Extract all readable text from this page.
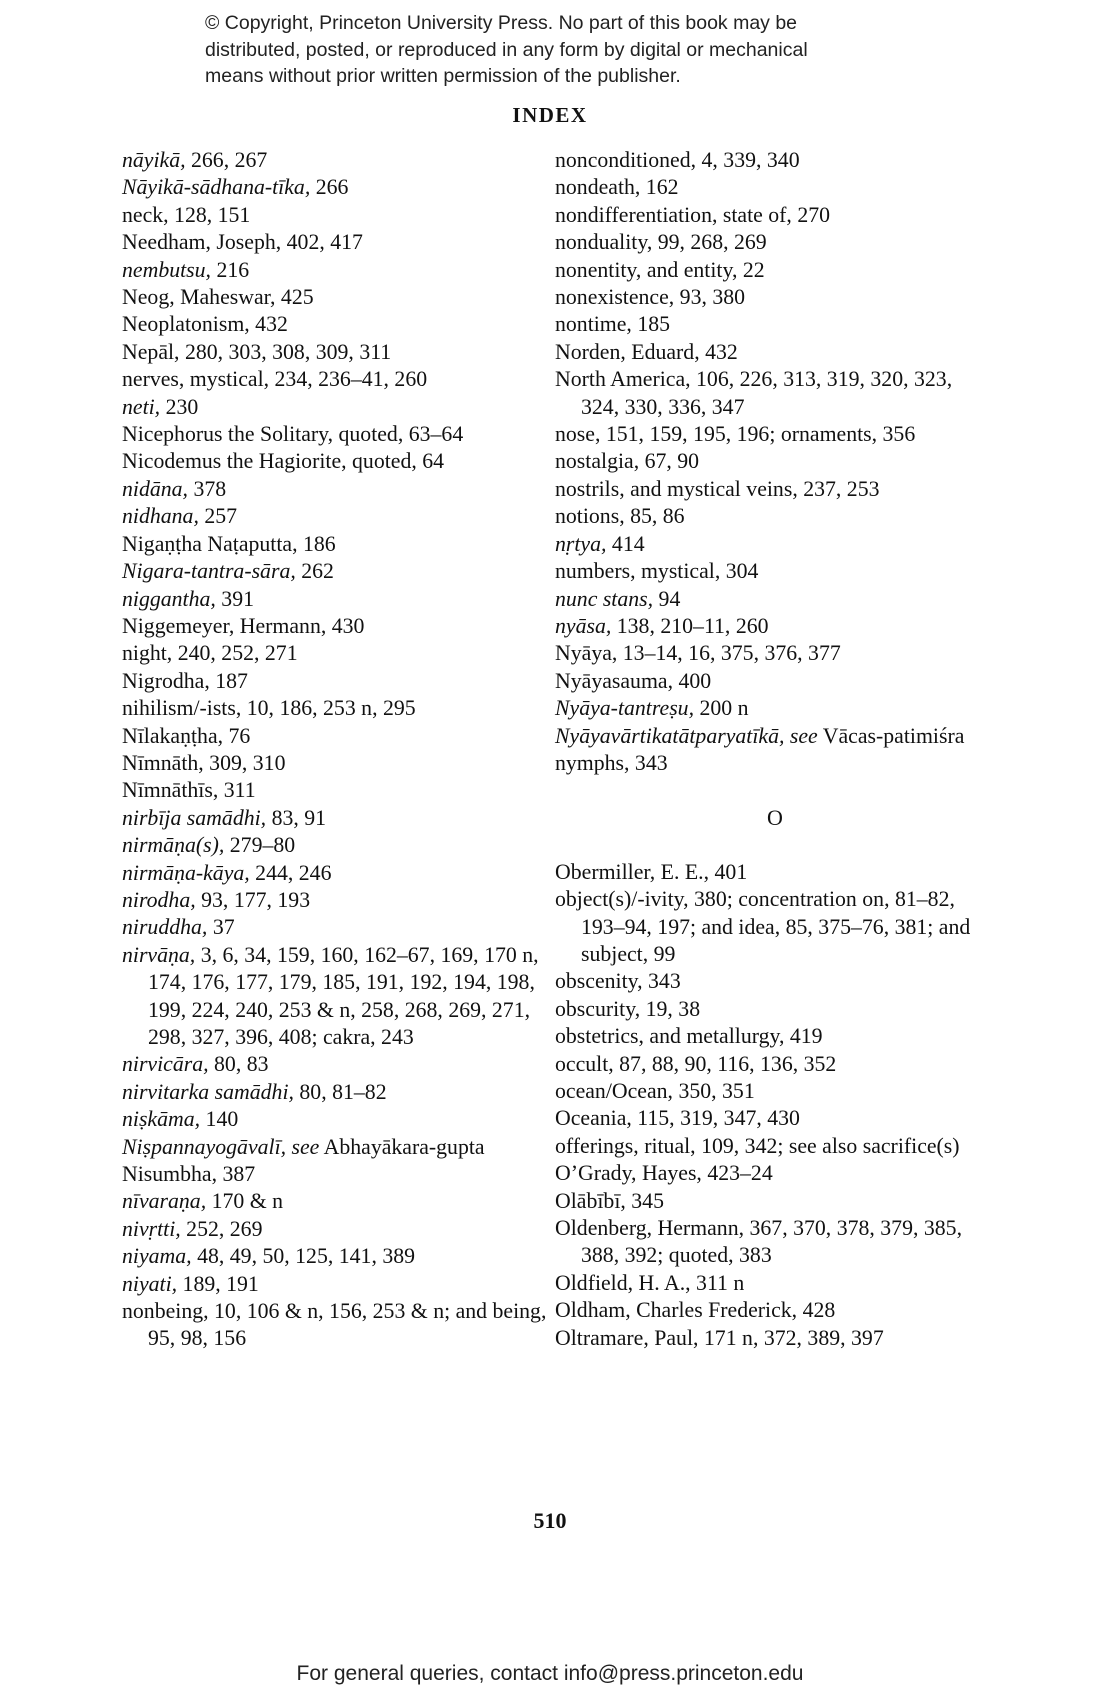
© Copyright, Princeton University Press. No part of this book may be
distributed, posted, or reproduced in any form by digital or mechanical
means without prior written permission of the publisher.
INDEX
nāyikā, 266, 267
Nāyikā-sādhana-tīka, 266
neck, 128, 151
Needham, Joseph, 402, 417
nembutsu, 216
Neog, Maheswar, 425
Neoplatonism, 432
Nepāl, 280, 303, 308, 309, 311
nerves, mystical, 234, 236–41, 260
neti, 230
Nicephorus the Solitary, quoted, 63–64
Nicodemus the Hagiorite, quoted, 64
nidāna, 378
nidhana, 257
Nigaṇṭha Naṭaputta, 186
Nigara-tantra-sāra, 262
niggantha, 391
Niggemeyer, Hermann, 430
night, 240, 252, 271
Nigrodha, 187
nihilism/-ists, 10, 186, 253 n, 295
Nīlakaṇṭha, 76
Nīmnāth, 309, 310
Nīmnāthīs, 311
nirbīja samādhi, 83, 91
nirmāṇa(s), 279–80
nirmāṇa-kāya, 244, 246
nirodha, 93, 177, 193
niruddha, 37
nirvāṇa, 3, 6, 34, 159, 160, 162–67, 169, 170 n, 174, 176, 177, 179, 185, 191, 192, 194, 198, 199, 224, 240, 253 & n, 258, 268, 269, 271, 298, 327, 396, 408; cakra, 243
nirvicāra, 80, 83
nirvitarka samādhi, 80, 81–82
niṣkāma, 140
Niṣpannayogāvalī, see Abhayākara-gupta
Nisumbha, 387
nīvaraṇa, 170 & n
nivṛtti, 252, 269
niyama, 48, 49, 50, 125, 141, 389
niyati, 189, 191
nonbeing, 10, 106 & n, 156, 253 & n; and being, 95, 98, 156
nonconditioned, 4, 339, 340
nondeath, 162
nondifferentiation, state of, 270
nonduality, 99, 268, 269
nonentity, and entity, 22
nonexistence, 93, 380
nontime, 185
Norden, Eduard, 432
North America, 106, 226, 313, 319, 320, 323, 324, 330, 336, 347
nose, 151, 159, 195, 196; ornaments, 356
nostalgia, 67, 90
nostrils, and mystical veins, 237, 253
notions, 85, 86
nṛtya, 414
numbers, mystical, 304
nunc stans, 94
nyāsa, 138, 210–11, 260
Nyāya, 13–14, 16, 375, 376, 377
Nyāyasauma, 400
Nyāya-tantreṣu, 200 n
Nyāyavārtikatātparyatīkā, see Vācas-patimiśra
nymphs, 343
O
Obermiller, E. E., 401
object(s)/-ivity, 380; concentration on, 81–82, 193–94, 197; and idea, 85, 375–76, 381; and subject, 99
obscenity, 343
obscurity, 19, 38
obstetrics, and metallurgy, 419
occult, 87, 88, 90, 116, 136, 352
ocean/Ocean, 350, 351
Oceania, 115, 319, 347, 430
offerings, ritual, 109, 342; see also sacrifice(s)
O’Grady, Hayes, 423–24
Olābībī, 345
Oldenberg, Hermann, 367, 370, 378, 379, 385, 388, 392; quoted, 383
Oldfield, H. A., 311 n
Oldham, Charles Frederick, 428
Oltramare, Paul, 171 n, 372, 389, 397
510
For general queries, contact info@press.princeton.edu
